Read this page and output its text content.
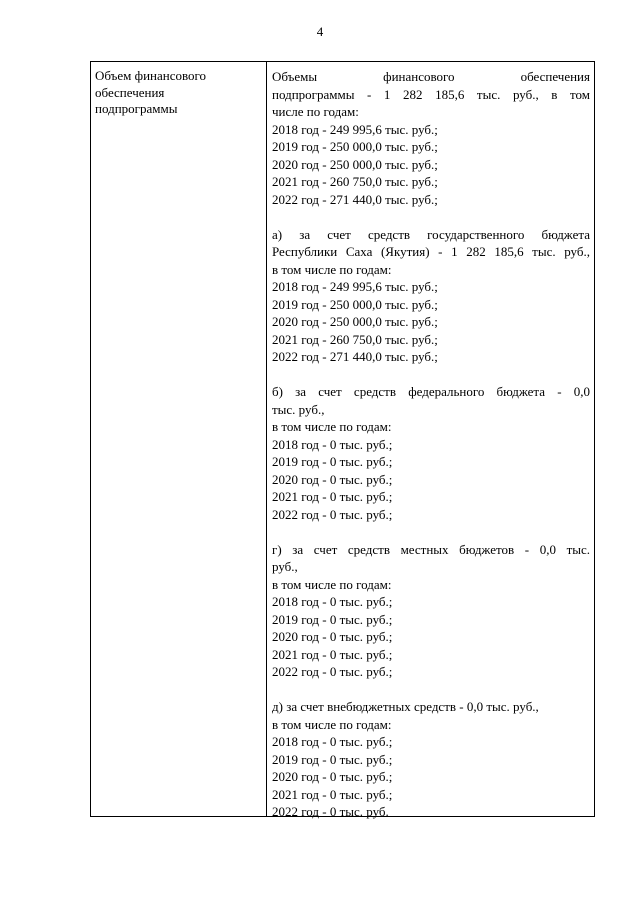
4
Объем финансового
обеспечения
подпрограммы
Объемы финансового обеспечения
подпрограммы - 1 282 185,6 тыс. руб., в том
числе по годам:
2018 год - 249 995,6 тыс. руб.;
2019 год - 250 000,0 тыс. руб.;
2020 год - 250 000,0 тыс. руб.;
2021 год - 260 750,0 тыс. руб.;
2022 год - 271 440,0 тыс. руб.;
а) за счет средств государственного бюджета
Республики Саха (Якутия) - 1 282 185,6 тыс. руб.,
в том числе по годам:
2018 год - 249 995,6 тыс. руб.;
2019 год - 250 000,0 тыс. руб.;
2020 год - 250 000,0 тыс. руб.;
2021 год - 260 750,0 тыс. руб.;
2022 год - 271 440,0 тыс. руб.;
б) за счет средств федерального бюджета - 0,0
тыс. руб.,
в том числе по годам:
2018 год - 0 тыс. руб.;
2019 год - 0 тыс. руб.;
2020 год - 0 тыс. руб.;
2021 год - 0 тыс. руб.;
2022 год - 0 тыс. руб.;
г) за счет средств местных бюджетов - 0,0 тыс.
руб.,
в том числе по годам:
2018 год - 0 тыс. руб.;
2019 год - 0 тыс. руб.;
2020 год - 0 тыс. руб.;
2021 год - 0 тыс. руб.;
2022 год - 0 тыс. руб.;
д) за счет внебюджетных средств - 0,0 тыс. руб.,
в том числе по годам:
2018 год - 0 тыс. руб.;
2019 год - 0 тыс. руб.;
2020 год - 0 тыс. руб.;
2021 год - 0 тыс. руб.;
2022 год - 0 тыс. руб.
